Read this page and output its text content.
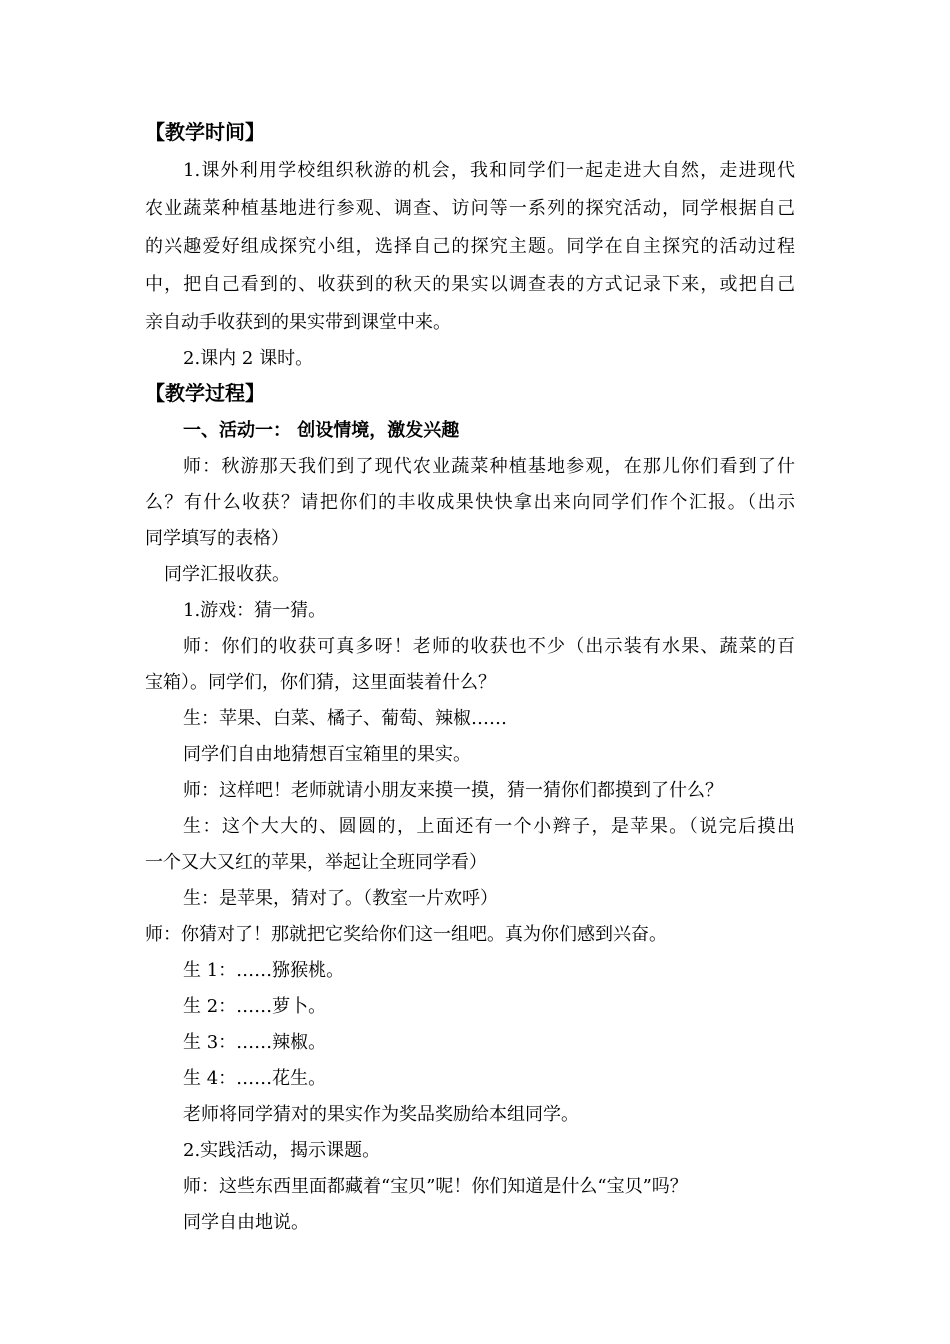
【教学时间】
1.课外利用学校组织秋游的机会，我和同学们一起走进大自然，走进现代
农业蔬菜种植基地进行参观、调查、访问等一系列的探究活动，同学根据自己
的兴趣爱好组成探究小组，选择自己的探究主题。同学在自主探究的活动过程
中，把自己看到的、收获到的秋天的果实以调查表的方式记录下来，或把自己
亲自动手收获到的果实带到课堂中来。
2.课内 2 课时。
【教学过程】
一、活动一： 创设情境，激发兴趣
师：秋游那天我们到了现代农业蔬菜种植基地参观，在那儿你们看到了什
么？有什么收获？请把你们的丰收成果快快拿出来向同学们作个汇报。（出示
同学填写的表格）
同学汇报收获。
1.游戏：猜一猜。
师：你们的收获可真多呀！老师的收获也不少（出示装有水果、蔬菜的百
宝箱）。同学们，你们猜，这里面装着什么？
生：苹果、白菜、橘子、葡萄、辣椒……
同学们自由地猜想百宝箱里的果实。
师：这样吧！老师就请小朋友来摸一摸，猜一猜你们都摸到了什么？
生：这个大大的、圆圆的，上面还有一个小辫子，是苹果。（说完后摸出
一个又大又红的苹果，举起让全班同学看）
生：是苹果，猜对了。（教室一片欢呼）
师：你猜对了！那就把它奖给你们这一组吧。真为你们感到兴奋。
生 1：……猕猴桃。
生 2：……萝卜。
生 3：……辣椒。
生 4：……花生。
老师将同学猜对的果实作为奖品奖励给本组同学。
2.实践活动，揭示课题。
师：这些东西里面都藏着“宝贝”呢！你们知道是什么“宝贝”吗？
同学自由地说。
